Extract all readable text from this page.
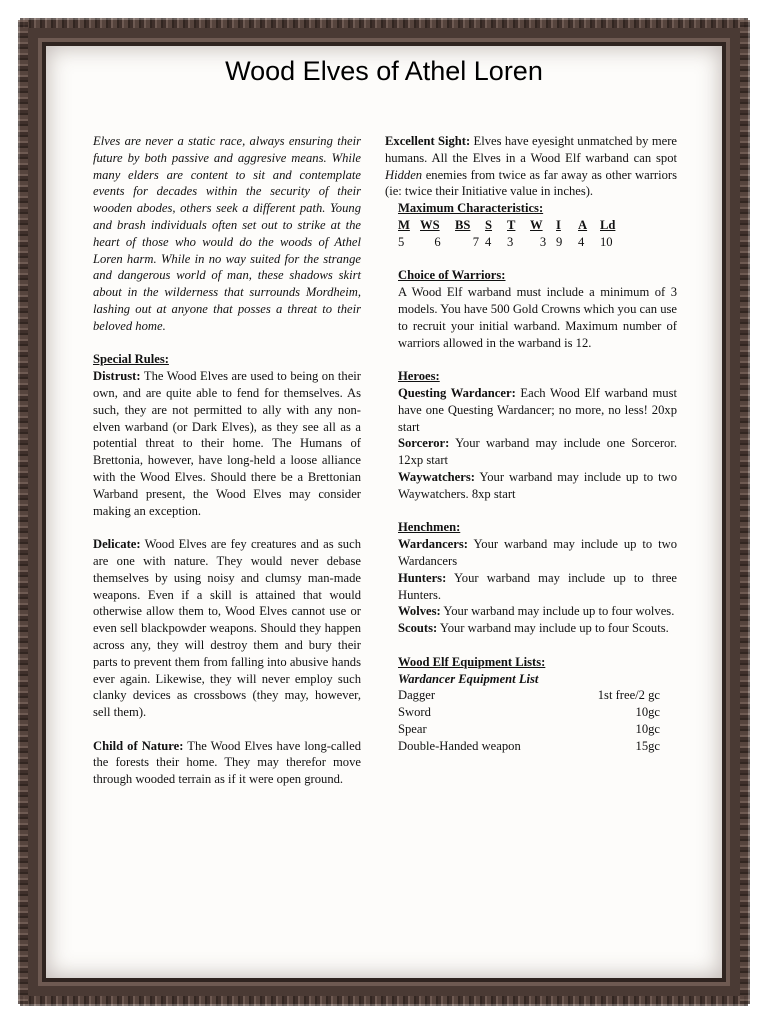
Wood Elves of Athel Loren

Elves are never a static race, always ensuring their future by both passive and aggresive means. While many elders are content to sit and contemplate events for decades within the security of their wooden abodes, others seek a different path. Young and brash individuals often set out to strike at the heart of those who would do the woods of Athel Loren harm. While in no way suited for the strange and dangerous world of man, these shadows skirt about in the wilderness that surrounds Mordheim, lashing out at anyone that posses a threat to their beloved home.

Special Rules:

Distrust: The Wood Elves are used to being on their own, and are quite able to fend for themselves. As such, they are not permitted to ally with any non-elven warband (or Dark Elves), as they see all as a potential threat to their home. The Humans of Brettonia, however, have long-held a loose alliance with the Wood Elves. Should there be a Brettonian Warband present, the Wood Elves may consider making an exception.

Delicate: Wood Elves are fey creatures and as such are one with nature. They would never debase themselves by using noisy and clumsy man-made weapons. Even if a skill is attained that would otherwise allow them to, Wood Elves cannot use or even sell blackpowder weapons. Should they happen across any, they will destroy them and bury their parts to prevent them from falling into abusive hands ever again. Likewise, they will never employ such clanky devices as crossbows (they may, however, sell them).

Child of Nature: The Wood Elves have long-called the forests their home. They may therefor move through wooded terrain as if it were open ground.

Excellent Sight: Elves have eyesight unmatched by mere humans. All the Elves in a Wood Elf warband can spot Hidden enemies from twice as far away as other warriors (ie: twice their Initiative value in inches).

Maximum Characteristics:

M	WS	BS	S	T	W	I	A	Ld
5	6	7	4	3	3	9	4	10

Choice of Warriors:

A Wood Elf warband must include a minimum of 3 models. You have 500 Gold Crowns which you can use to recruit your initial warband. Maximum number of warriors allowed in the warband is 12.

Heroes:

Questing Wardancer: Each Wood Elf warband must have one Questing Wardancer; no more, no less! 20xp start

Sorceror: Your warband may include one Sorceror. 12xp start

Waywatchers: Your warband may include up to two Waywatchers. 8xp start

Henchmen:

Wardancers: Your warband may include up to two Wardancers

Hunters: Your warband may include up to three Hunters.

Wolves: Your warband may include up to four wolves.

Scouts: Your warband may include up to four Scouts.

Wood Elf Equipment Lists:

Wardancer Equipment List

Dagger	1st free/2 gc
Sword	10gc
Spear	10gc
Double-Handed weapon	15gc
